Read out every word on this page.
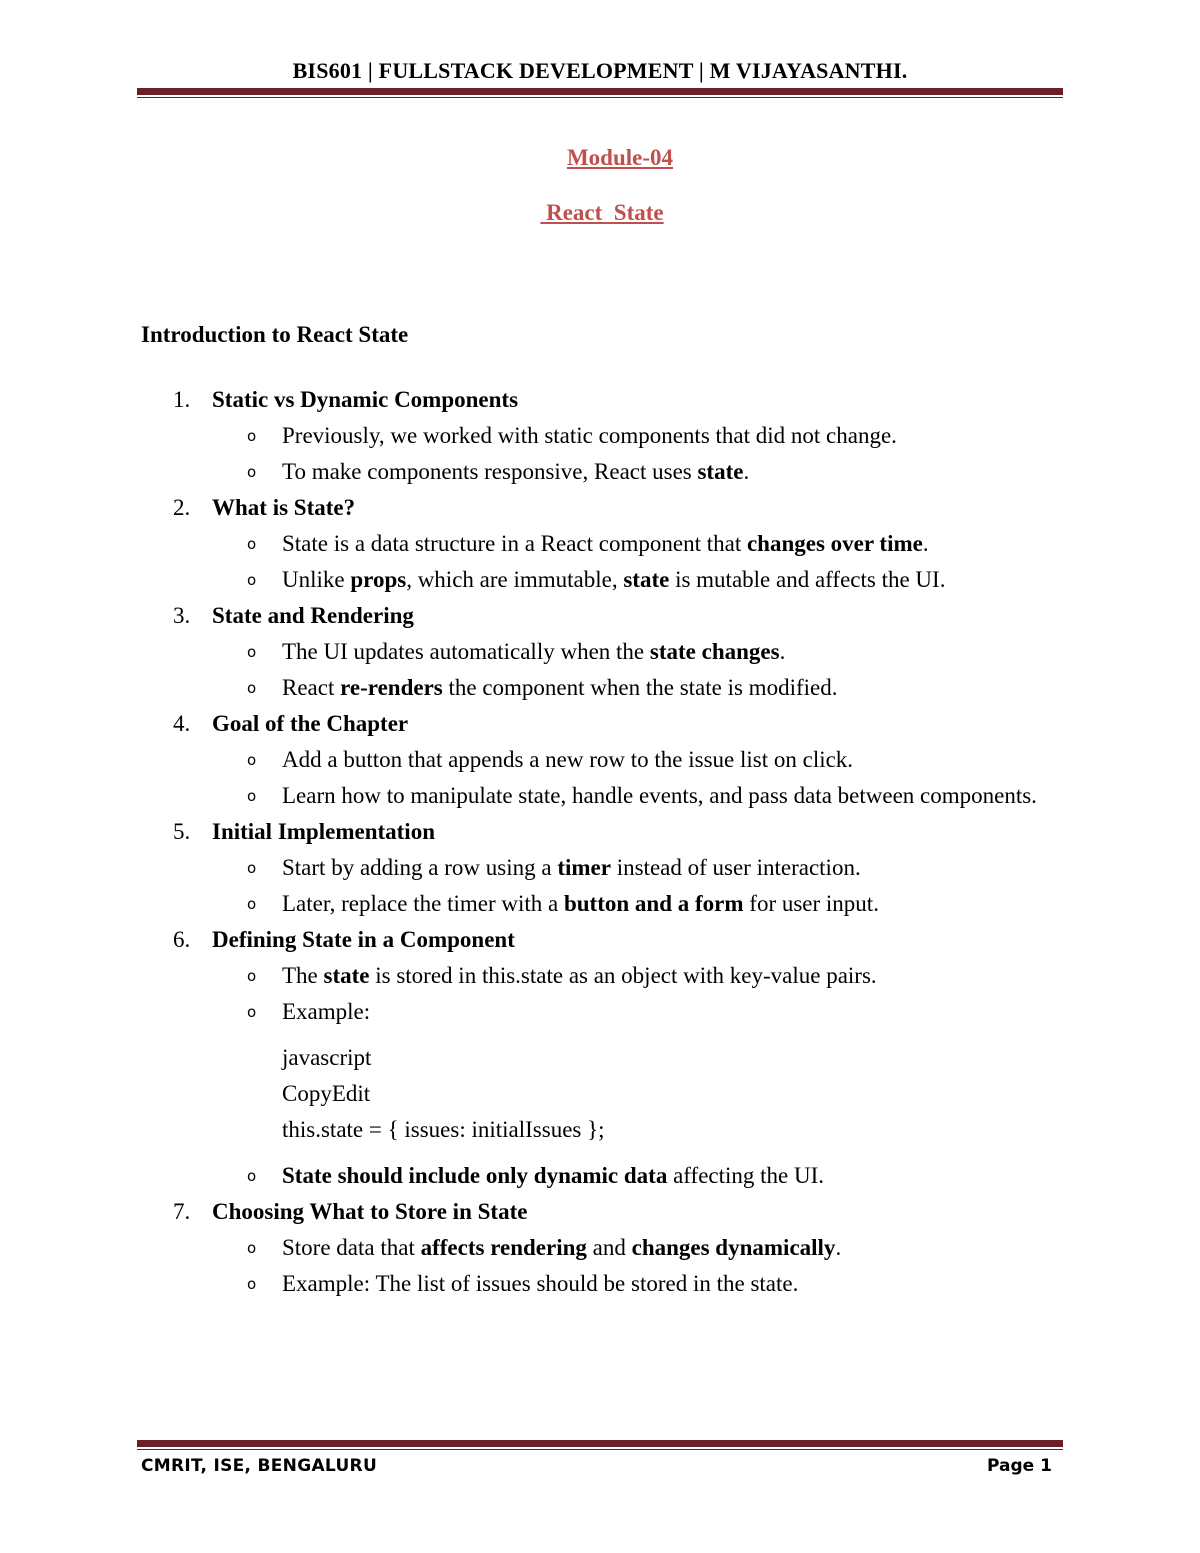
BIS601 | FULLSTACK DEVELOPMENT | M VIJAYASANTHI.
Module-04
React  State
Introduction to React State
1. Static vs Dynamic Components
o Previously, we worked with static components that did not change.
o To make components responsive, React uses state.
2. What is State?
o State is a data structure in a React component that changes over time.
o Unlike props, which are immutable, state is mutable and affects the UI.
3. State and Rendering
o The UI updates automatically when the state changes.
o React re-renders the component when the state is modified.
4. Goal of the Chapter
o Add a button that appends a new row to the issue list on click.
o Learn how to manipulate state, handle events, and pass data between components.
5. Initial Implementation
o Start by adding a row using a timer instead of user interaction.
o Later, replace the timer with a button and a form for user input.
6. Defining State in a Component
o The state is stored in this.state as an object with key-value pairs.
o Example:
javascript
CopyEdit
this.state = { issues: initialIssues };
o State should include only dynamic data affecting the UI.
7. Choosing What to Store in State
o Store data that affects rendering and changes dynamically.
o Example: The list of issues should be stored in the state.
CMRIT, ISE, BENGALURU	Page 1
